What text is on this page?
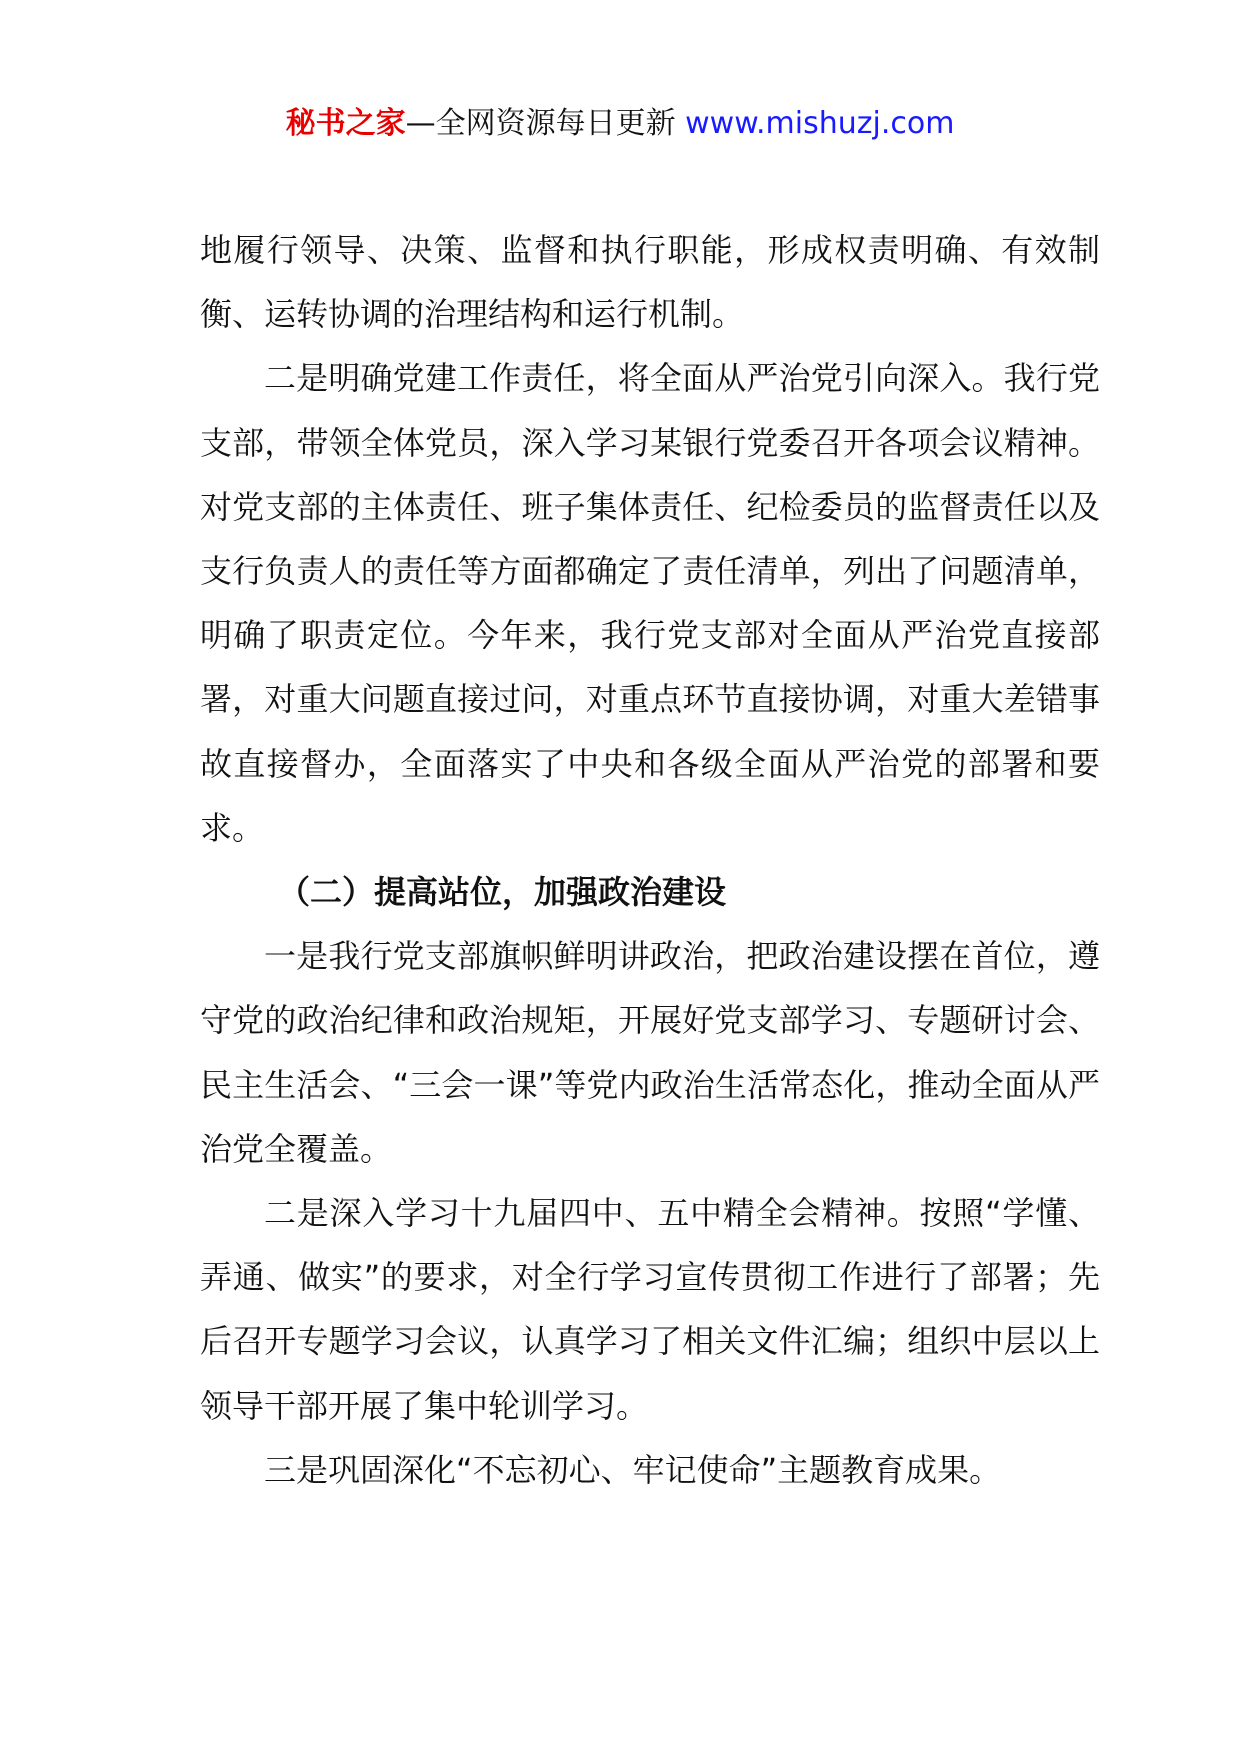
秘书之家—全网资源每日更新 www.mishuzj.com

地履行领导、决策、监督和执行职能，形成权责明确、有效制衡、运转协调的治理结构和运行机制。

二是明确党建工作责任，将全面从严治党引向深入。我行党支部，带领全体党员，深入学习某银行党委召开各项会议精神。对党支部的主体责任、班子集体责任、纪检委员的监督责任以及支行负责人的责任等方面都确定了责任清单，列出了问题清单，明确了职责定位。今年来，我行党支部对全面从严治党直接部署，对重大问题直接过问，对重点环节直接协调，对重大差错事故直接督办，全面落实了中央和各级全面从严治党的部署和要求。

（二）提高站位，加强政治建设

一是我行党支部旗帜鲜明讲政治，把政治建设摆在首位，遵守党的政治纪律和政治规矩，开展好党支部学习、专题研讨会、民主生活会、“三会一课”等党内政治生活常态化，推动全面从严治党全覆盖。

二是深入学习十九届四中、五中精全会精神。按照“学懂、弄通、做实”的要求，对全行学习宣传贯彻工作进行了部署；先后召开专题学习会议，认真学习了相关文件汇编；组织中层以上领导干部开展了集中轮训学习。

三是巩固深化“不忘初心、牢记使命”主题教育成果。
